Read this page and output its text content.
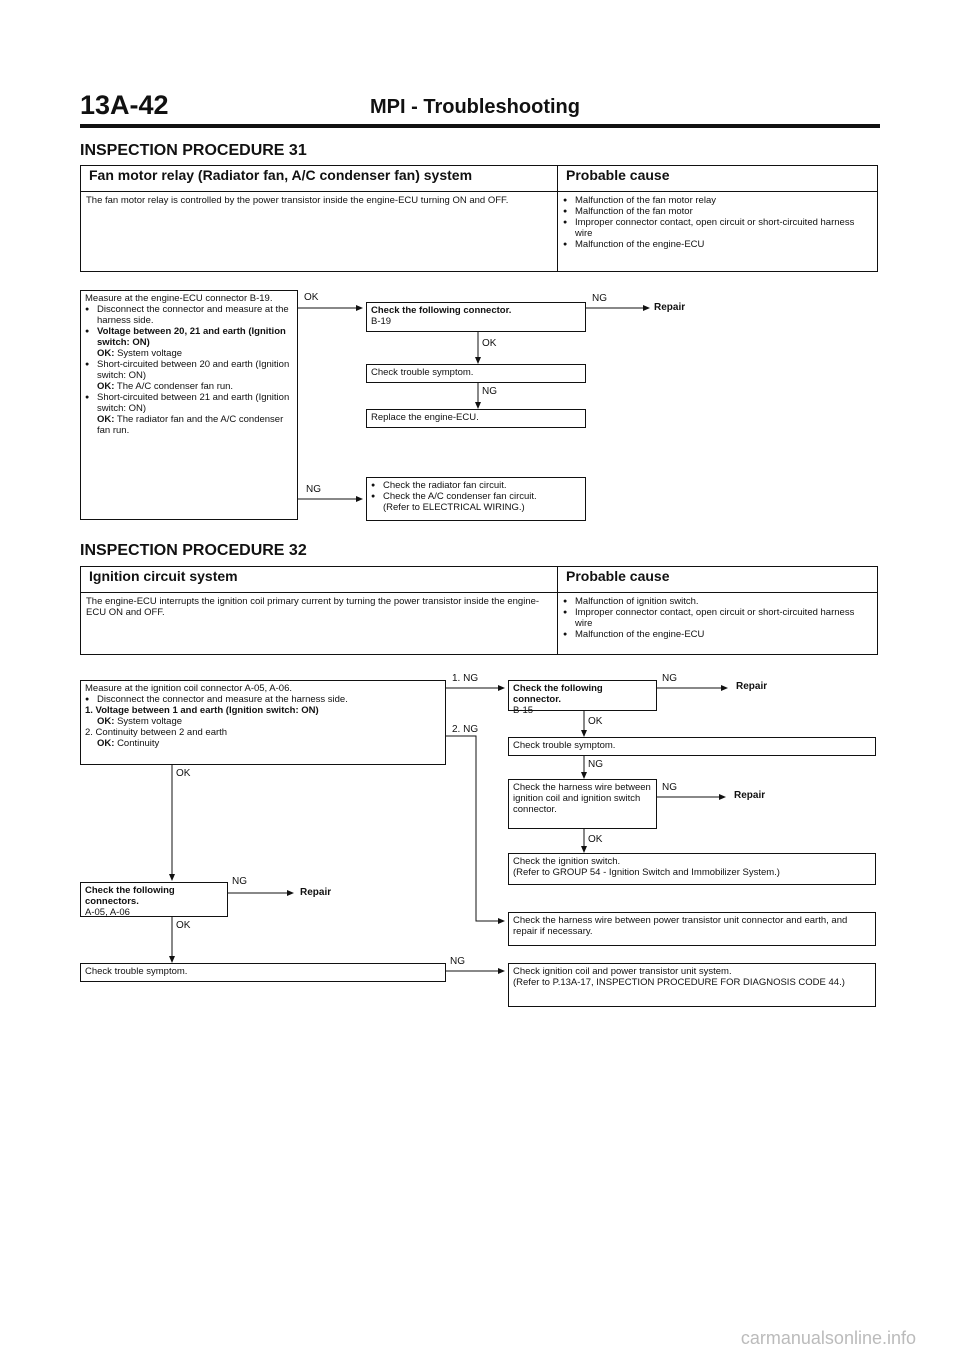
13A-42	MPI - Troubleshooting
INSPECTION PROCEDURE 31
Fan motor relay (Radiator fan, A/C condenser fan) system	Probable cause
The fan motor relay is controlled by the power transistor inside the engine-ECU turning ON and OFF.
●	Malfunction of the fan motor relay
● Malfunction of the fan motor
● Improper connector contact, open circuit or short-circuited harness wire
● Malfunction of the engine-ECU
Measure at the engine-ECU connector B-19.
● Disconnect the connector and measure at the harness side.
● Voltage between 20, 21 and earth (Ignition switch: ON)
OK: System voltage
● Short-circuited between 20 and earth (Ignition switch: ON)
OK: The A/C condenser fan run.
● Short-circuited between 21 and earth (Ignition switch: ON)
OK: The radiator fan and the A/C condenser fan run.
OK
NG
Check the following connector.
B-19
NG
Repair
OK
Check trouble symptom.
NG
Replace the engine-ECU.
● Check the radiator fan circuit.
● Check the A/C condenser fan circuit.
(Refer to ELECTRICAL WIRING.)
INSPECTION PROCEDURE 32
Ignition circuit system	Probable cause
The engine-ECU interrupts the ignition coil primary current by turning the power transistor inside the engine-ECU ON and OFF.
● Malfunction of ignition switch.
● Improper connector contact, open circuit or short-circuited harness wire
● Malfunction of the engine-ECU
Measure at the ignition coil connector A-05, A-06.
● Disconnect the connector and measure at the harness side.
1. Voltage between 1 and earth (Ignition switch: ON)
OK: System voltage
2. Continuity between 2 and earth
OK: Continuity
1. NG
2. NG
OK
Check the following connector.
B-15
NG
Repair
OK
Check trouble symptom.
NG
Check the harness wire between ignition coil and ignition switch connector.
NG
Repair
OK
Check the ignition switch.
(Refer to GROUP 54 - Ignition Switch and Immobilizer System.)
Check the following connectors.
A-05, A-06
NG
Repair
OK	Check the harness wire between power transistor unit connector and earth, and repair if necessary.
Check trouble symptom.
NG
Check ignition coil and power transistor unit system.
(Refer to P.13A-17, INSPECTION PROCEDURE FOR DIAGNOSIS CODE 44.)
carmanualsonline.info
